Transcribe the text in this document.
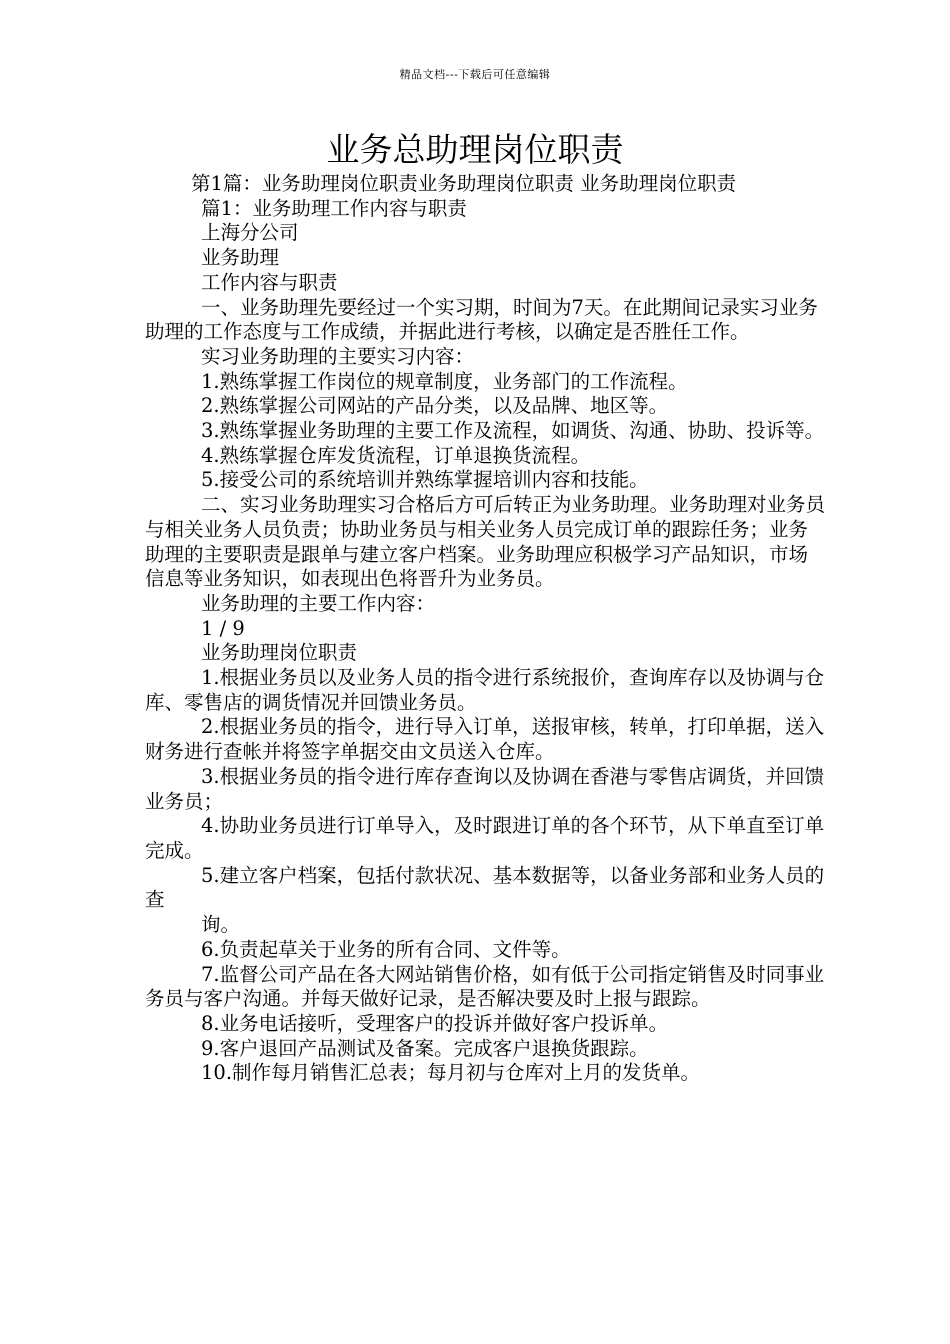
精品文档---下载后可任意编辑
业务总助理岗位职责

第1篇：业务助理岗位职责业务助理岗位职责 业务助理岗位职责

篇1：业务助理工作内容与职责

上海分公司

业务助理

工作内容与职责

一、业务助理先要经过一个实习期，时间为7天。在此期间记录实习业务助理的工作态度与工作成绩，并据此进行考核，以确定是否胜任工作。

实习业务助理的主要实习内容：

1.熟练掌握工作岗位的规章制度，业务部门的工作流程。

2.熟练掌握公司网站的产品分类，以及品牌、地区等。

3.熟练掌握业务助理的主要工作及流程，如调货、沟通、协助、投诉等。

4.熟练掌握仓库发货流程，订单退换货流程。

5.接受公司的系统培训并熟练掌握培训内容和技能。

二、实习业务助理实习合格后方可后转正为业务助理。业务助理对业务员与相关业务人员负责；协助业务员与相关业务人员完成订单的跟踪任务；业务助理的主要职责是跟单与建立客户档案。业务助理应积极学习产品知识，市场信息等业务知识，如表现出色将晋升为业务员。

业务助理的主要工作内容：

1 / 9

业务助理岗位职责

1.根据业务员以及业务人员的指令进行系统报价，查询库存以及协调与仓库、零售店的调货情况并回馈业务员。

2.根据业务员的指令，进行导入订单，送报审核，转单，打印单据，送入财务进行查帐并将签字单据交由文员送入仓库。

3.根据业务员的指令进行库存查询以及协调在香港与零售店调货，并回馈业务员；

4.协助业务员进行订单导入，及时跟进订单的各个环节，从下单直至订单完成。

5.建立客户档案，包括付款状况、基本数据等，以备业务部和业务人员的查

询。

6.负责起草关于业务的所有合同、文件等。

7.监督公司产品在各大网站销售价格，如有低于公司指定销售及时同事业务员与客户沟通。并每天做好记录，是否解决要及时上报与跟踪。

8.业务电话接听，受理客户的投诉并做好客户投诉单。

9.客户退回产品测试及备案。完成客户退换货跟踪。

10.制作每月销售汇总表；每月初与仓库对上月的发货单。
